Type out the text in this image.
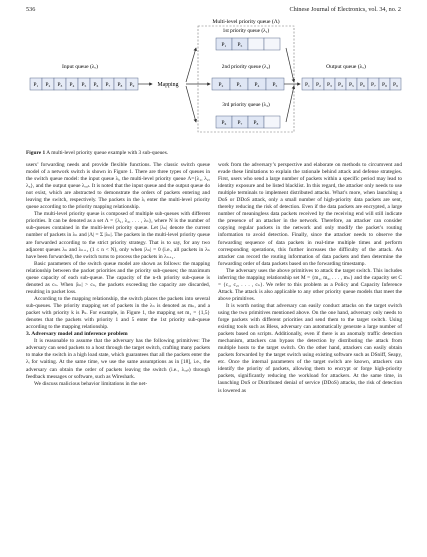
536	Chinese Journal of Electronics, vol. 34, no. 2
Multi-level priority queue (Λ)
1st priority queue (λ₁)
P₁ P₅
2nd priority queue (λ₂)
P₂ P₃ P₄ P₅
3rd priority queue (λ₃)
P₆ P₇ P₈
Input queue (λₒ)
P₁ P₂ P₃ P₄ P₅ P₆ P₇ P₈ P₉
Output queue (λₒ)
P₁ P₂ P₃ P₄ P₅ P₆ P₇ P₈ P₉
Mapping
Figure 1 A multi-level priority queue example with 3 sub-queues.

users’ forwarding needs and provide flexible functions. The classic switch queue model of a network switch is shown in Figure 1. There are three types of queues in the switch queue model: the input queue λᵢ, the multi-level priority queue Λ={λ₁, λ₂, λ₃}, and the output queue λₒᵤₜ. It is noted that the input queue and the output queue do not exist, which are abstracted to demonstrate the orders of packets entering and leaving the switch, respectively. The packets in the λᵢ enter the multi-level priority queue according to the priority mapping relationship.

The multi-level priority queue is composed of multiple sub-queues with different priorities. It can be denoted as a set Λ = {λ₁, λ₂, . . . , λₙ}, where N is the number of sub-queues contained in the multi-level priority queue. Let |λₙ| denote the current number of packets in λₙ and |Λ| = Σ |λₙ|. The packets in the multi-level priority queue are forwarded according to the strict priority strategy. That is to say, for any two adjacent queues λₙ and λₙ₊₁ (1 ≤ n < N), only when |λₙ| = 0 (i.e., all packets in λₙ have been forwarded), the switch turns to process the packets in λₙ₊₁.

Basic parameters of the switch queue model are shown as follows: the mapping relationship between the packet priorities and the priority sub-queues; the maximum queue capacity of each sub-queue. The capacity of the n-th priority sub-queue is denoted as cₙ. When |λₙ| > cₙ, the packets exceeding the capacity are discarded, resulting in packet loss.

According to the mapping relationship, the switch places the packets into several sub-queues. The priority mapping set of packets in the λₙ is denoted as mₙ, and a packet with priority k is Pₖ. For example, in Figure 1, the mapping set m₁ = {1,5} denotes that the packets with priority 1 and 5 enter the 1st priority sub-queue according to the mapping relationship.

3. Adversary model and inference problem

It is reasonable to assume that the adversary has the following primitives: The adversary can send packets to a host through the target switch, crafting many packets to make the switch in a high load state, which guarantees that all the packets enter the λᵢ for waiting. At the same time, we use the same assumptions as in [18], i.e., the adversary can obtain the order of packets leaving the switch (i.e., λₒᵤₜ) through feedback messages or software, such as Wireshark.

We discuss malicious behavior limitations in the net-

work from the adversary’s perspective and elaborate on methods to circumvent and evade these limitations to explain the rationale behind attack and defense strategies. First, users who send a large number of packets within a specific period may lead to identity exposure and be listed blacklist. In this regard, the attacker only needs to use multiple terminals to implement distributed attacks. What’s more, when launching a DoS or DDoS attack, only a small number of high-priority data packets are sent, thereby reducing the risk of detection. Even if the data packets are encrypted, a large number of meaningless data packets received by the receiving end will still indicate the presence of an attacker in the network. Therefore, an attacker can consider copying regular packets in the network and only modify the packet’s routing information to avoid detection. Finally, since the attacker needs to observe the forwarding sequence of data packets in real-time multiple times and perform corresponding operations, this further increases the difficulty of the attack. An attacker can record the routing information of data packets and then determine the forwarding order of data packets based on the forwarding timestamp.

The adversary uses the above primitives to attack the target switch. This includes inferring the mapping relationship set M = {m₁, m₂, . . . , mₙ} and the capacity set C = {c₁, c₂, . . . , cₙ}. We refer to this problem as a Policy and Capacity Inference Attack. The attack is also applicable to any other priority queue models that meet the above primitives.

It is worth noting that adversary can easily conduct attacks on the target switch using the two primitives mentioned above. On the one hand, adversary only needs to forge packets with different priorities and send them to the target switch. Using existing tools such as Bless, adversary can automatically generate a large number of packets based on scripts. Additionally, even if there is an anomaly traffic detection mechanism, attackers can bypass the detection by distributing the attack from multiple hosts to the target switch. On the other hand, attackers can easily obtain packets forwarded by the target switch using existing software such as DSniff, Seapy, etc. Once the internal parameters of the target switch are known, attackers can identify the priority of packets, allowing them to encrypt or forge high-priority packets, significantly reducing the workload for attackers. At the same time, in launching DoS or Distributed denial of service (DDoS) attacks, the risk of detection is lowered as
